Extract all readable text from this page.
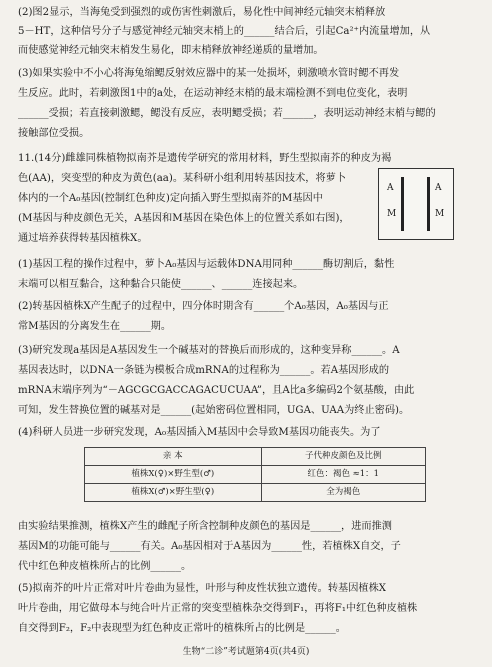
(2)图2显示，当海兔受到强烈的或伤害性刺激后，易化性中间神经元轴突末梢释放
5－HT，这种信号分子与感觉神经元轴突末梢上的______结合后，引起Ca²⁺内流量增加，从
而使感觉神经元轴突末梢发生易化，即末梢释放神经递质的量增加。
(3)如果实验中不小心将海兔缩鳃反射效应器中的某一处损坏，刺激喷水管时鳃不再发
生反应。此时，若刺激图1中的a处，在运动神经末梢的最末端检测不到电位变化，表明
______受损；若直接刺激鳃，鳃没有反应，表明鳃受损；若______，表明运动神经末梢与鳃的
接触部位受损。
11.(14分)雌雄同株植物拟南芥是遗传学研究的常用材料，野生型拟南芥的种皮为褐
色(AA)，突变型的种皮为黄色(aa)。某科研小组利用转基因技术，将萝卜
体内的一个A₀基因(控制红色种皮)定向插入野生型拟南芥的M基因中
(M基因与种皮颜色无关，A基因和M基因在染色体上的位置关系如右图)，
通过培养获得转基因植株X。
A
M
A
M
(1)基因工程的操作过程中，萝卜A₀基因与运载体DNA用同种______酶切割后，黏性
末端可以相互黏合，这种黏合只能使______、______连接起来。
(2)转基因植株X产生配子的过程中，四分体时期含有______个A₀基因，A₀基因与正
常M基因的分离发生在______期。
(3)研究发现a基因是A基因发生一个碱基对的替换后而形成的，这种变异称______。A
基因表达时，以DNA一条链为模板合成mRNA的过程称为______。若A基因形成的
mRNA末端序列为“－AGCGCGACCAGACUCUAA”，且A比a多编码2个氨基酸，由此
可知，发生替换位置的碱基对是______(起始密码位置相同，UGA、UAA为终止密码)。
(4)科研人员进一步研究发现，A₀基因插入M基因中会导致M基因功能丧失。为了
亲 本	子代种皮颜色及比例
植株X(♀)×野生型(♂)	红色：褐色 ≈1：1
植株X(♂)×野生型(♀)	全为褐色
由实验结果推测，植株X产生的雌配子所含控制种皮颜色的基因是______，进而推测
基因M的功能可能与______有关。A₀基因相对于A基因为______性，若植株X自交，子
代中红色种皮植株所占的比例______。
(5)拟南芥的叶片正常对叶片卷曲为显性，叶形与种皮性状独立遗传。转基因植株X
叶片卷曲，用它做母本与纯合叶片正常的突变型植株杂交得到F₁，再将F₁中红色种皮植株
自交得到F₂，F₂中表现型为红色种皮正常叶的植株所占的比例是______。
生物“二诊”考试题第4页(共4页)
